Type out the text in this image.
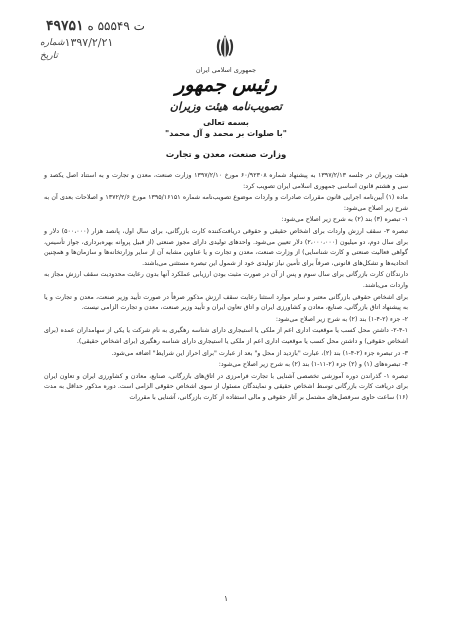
ت ۵۵۵۴۹ ه ۴۹۷۵۱
شماره ۱۳۹۷/۲/۲۱
تاریخ
جمهوری اسلامی ایران
رئیس جمهور
تصویب‌نامه هیئت وزیران
بسمه تعالی
"با صلوات بر محمد و آل محمد"
وزارت صنعت، معدن و تجارت

هیئت وزیران در جلسه ۱۳۹۷/۲/۱۳ به پیشنهاد شماره ۶۰/۹۲۳۰۸ مورخ ۱۳۹۷/۲/۱۰ وزارت صنعت، معدن و تجارت و به استناد اصل یکصد و سی و هشتم قانون اساسی جمهوری اسلامی ایران تصویب کرد:

ماده (۱) آیین‌نامه اجرایی قانون مقررات صادرات و واردات موضوع تصویب‌نامه شماره ۱۳۹۵/۱۶۱۵۱ مورخ ۱۳۷۲/۲/۶ و اصلاحات بعدی آن به شرح زیر اصلاح می‌شود:

۱- تبصره (۳) بند (۲) به شرح زیر اصلاح می‌شود:

تبصره ۳- سقف ارزش واردات برای اشخاص حقیقی و حقوقی دریافت‌کننده کارت بازرگانی، برای سال اول، پانصد هزار (۵۰۰،۰۰۰) دلار و برای سال دوم، دو میلیون (۲،۰۰۰،۰۰۰) دلار تعیین می‌شود. واحدهای تولیدی دارای مجوز صنعتی (از قبیل پروانه بهره‌برداری، جواز تأسیس، گواهی فعالیت صنعتی و کارت شناسایی) از وزارت صنعت، معدن و تجارت و یا عناوین مشابه آن از سایر وزارتخانه‌ها و سازمان‌ها و همچنین اتحادیه‌ها و تشکل‌های قانونی، صرفاً برای تأمین نیاز تولیدی خود از شمول این تبصره مستثنی می‌باشند.

دارندگان کارت بازرگانی برای سال سوم و پس از آن در صورت مثبت بودن ارزیابی عملکرد آنها بدون رعایت محدودیت سقف ارزش مجاز به واردات می‌باشند.

برای اشخاص حقوقی بازرگانی معتبر و سایر موارد استثنا رعایت سقف ارزش مذکور صرفاً در صورت تأیید وزیر صنعت، معدن و تجارت و یا به پیشنهاد اتاق بازرگانی، صنایع، معادن و کشاورزی ایران و اتاق تعاون ایران و تأیید وزیر صنعت، معدن و تجارت الزامی نیست.

۲- جزء (۲-۴-۱) بند (۲) به شرح زیر اصلاح می‌شود:

۲-۴-۱- داشتن محل کسب یا موقعیت اداری اعم از ملکی یا استیجاری دارای شناسه رهگیری به نام شرکت یا یکی از سهامداران عمده (برای اشخاص حقوقی) و داشتن محل کسب یا موقعیت اداری اعم از ملکی یا استیجاری دارای شناسه رهگیری (برای اشخاص حقیقی).

۳- در تبصره جزء (۲-۴-۱) بند (۲)، عبارت "بازدید از محل و" بعد از عبارت "برای احراز این شرایط" اضافه می‌شود.

۴- تبصره‌های (۱) و (۲) جزء (۲-۱۱-۱) بند (۲) به شرح زیر اصلاح می‌شود:

تبصره ۱- گذراندن دوره آموزشی تخصصی آشنایی با تجارت فرامرزی در اتاق‌های بازرگانی، صنایع، معادن و کشاورزی ایران و تعاون ایران برای دریافت کارت بازرگانی توسط اشخاص حقیقی و نمایندگان مسئول از سوی اشخاص حقوقی الزامی است. دوره مذکور حداقل به مدت (۱۶) ساعت حاوی سرفصل‌های مشتمل بر آثار حقوقی و مالی استفاده از کارت بازرگانی، آشنایی با مقررات

۱
